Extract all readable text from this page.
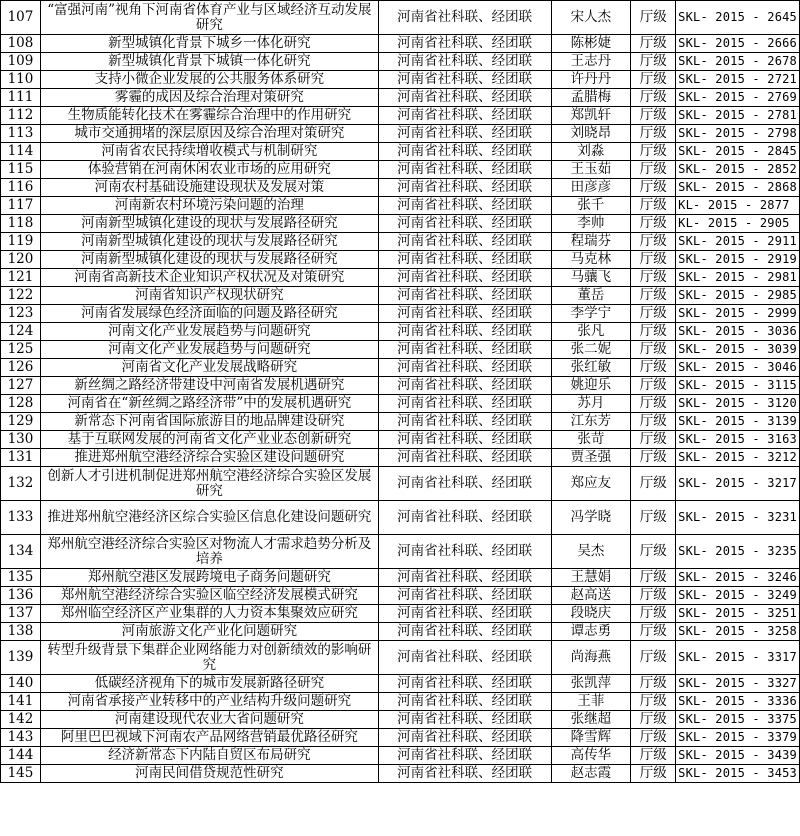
107	“富强河南”视角下河南省体育产业与区域经济互动发展研究	河南省社科联、经团联	宋人杰	厅级	SKL- 2015 - 2645
108	新型城镇化背景下城乡一体化研究	河南省社科联、经团联	陈彬婕	厅级	SKL- 2015 - 2666
109	新型城镇化背景下城镇一体化研究	河南省社科联、经团联	王志丹	厅级	SKL- 2015 - 2678
110	支持小微企业发展的公共服务体系研究	河南省社科联、经团联	许丹丹	厅级	SKL- 2015 - 2721
111	雾霾的成因及综合治理对策研究	河南省社科联、经团联	孟腊梅	厅级	SKL- 2015 - 2769
112	生物质能转化技术在雾霾综合治理中的作用研究	河南省社科联、经团联	郑凯轩	厅级	SKL- 2015 - 2781
113	城市交通拥堵的深层原因及综合治理对策研究	河南省社科联、经团联	刘晓昂	厅级	SKL- 2015 - 2798
114	河南省农民持续增收模式与机制研究	河南省社科联、经团联	刘淼	厅级	SKL- 2015 - 2845
115	体验营销在河南休闲农业市场的应用研究	河南省社科联、经团联	王玉茹	厅级	SKL- 2015 - 2852
116	河南农村基础设施建设现状及发展对策	河南省社科联、经团联	田彦彦	厅级	SKL- 2015 - 2868
117	河南新农村环境污染问题的治理	河南省社科联、经团联	张千	厅级	KL- 2015 - 2877
118	河南新型城镇化建设的现状与发展路径研究	河南省社科联、经团联	李帅	厅级	KL- 2015 - 2905
119	河南新型城镇化建设的现状与发展路径研究	河南省社科联、经团联	程瑞芬	厅级	SKL- 2015 - 2911
120	河南新型城镇化建设的现状与发展路径研究	河南省社科联、经团联	马克林	厅级	SKL- 2015 - 2919
121	河南省高新技术企业知识产权状况及对策研究	河南省社科联、经团联	马骧飞	厅级	SKL- 2015 - 2981
122	河南省知识产权现状研究	河南省社科联、经团联	董岳	厅级	SKL- 2015 - 2985
123	河南省发展绿色经济面临的问题及路径研究	河南省社科联、经团联	李学宁	厅级	SKL- 2015 - 2999
124	河南文化产业发展趋势与问题研究	河南省社科联、经团联	张凡	厅级	SKL- 2015 - 3036
125	河南文化产业发展趋势与问题研究	河南省社科联、经团联	张二妮	厅级	SKL- 2015 - 3039
126	河南省文化产业发展战略研究	河南省社科联、经团联	张红敏	厅级	SKL- 2015 - 3046
127	新丝绸之路经济带建设中河南省发展机遇研究	河南省社科联、经团联	姚迎乐	厅级	SKL- 2015 - 3115
128	河南省在“新丝绸之路经济带”中的发展机遇研究	河南省社科联、经团联	苏月	厅级	SKL- 2015 - 3120
129	新常态下河南省国际旅游目的地品牌建设研究	河南省社科联、经团联	江东芳	厅级	SKL- 2015 - 3139
130	基于互联网发展的河南省文化产业业态创新研究	河南省社科联、经团联	张苛	厅级	SKL- 2015 - 3163
131	推进郑州航空港经济综合实验区建设问题研究	河南省社科联、经团联	贾圣强	厅级	SKL- 2015 - 3212
132	创新人才引进机制促进郑州航空港经济综合实验区发展研究	河南省社科联、经团联	郑应友	厅级	SKL- 2015 - 3217
133	推进郑州航空港经济区综合实验区信息化建设问题研究	河南省社科联、经团联	冯学晓	厅级	SKL- 2015 - 3231
134	郑州航空港经济综合实验区对物流人才需求趋势分析及培养	河南省社科联、经团联	吴杰	厅级	SKL- 2015 - 3235
135	郑州航空港区发展跨境电子商务问题研究	河南省社科联、经团联	王慧娟	厅级	SKL- 2015 - 3246
136	郑州航空港经济综合实验区临空经济发展模式研究	河南省社科联、经团联	赵高送	厅级	SKL- 2015 - 3249
137	郑州临空经济区产业集群的人力资本集聚效应研究	河南省社科联、经团联	段晓庆	厅级	SKL- 2015 - 3251
138	河南旅游文化产业化问题研究	河南省社科联、经团联	谭志勇	厅级	SKL- 2015 - 3258
139	转型升级背景下集群企业网络能力对创新绩效的影响研究	河南省社科联、经团联	尚海燕	厅级	SKL- 2015 - 3317
140	低碳经济视角下的城市发展新路径研究	河南省社科联、经团联	张凯萍	厅级	SKL- 2015 - 3327
141	河南省承接产业转移中的产业结构升级问题研究	河南省社科联、经团联	王菲	厅级	SKL- 2015 - 3336
142	河南建设现代农业大省问题研究	河南省社科联、经团联	张继超	厅级	SKL- 2015 - 3375
143	阿里巴巴视域下河南农产品网络营销最优路径研究	河南省社科联、经团联	降雪辉	厅级	SKL- 2015 - 3379
144	经济新常态下内陆自贸区布局研究	河南省社科联、经团联	高传华	厅级	SKL- 2015 - 3439
145	河南民间借贷规范性研究	河南省社科联、经团联	赵志霞	厅级	SKL- 2015 - 3453
